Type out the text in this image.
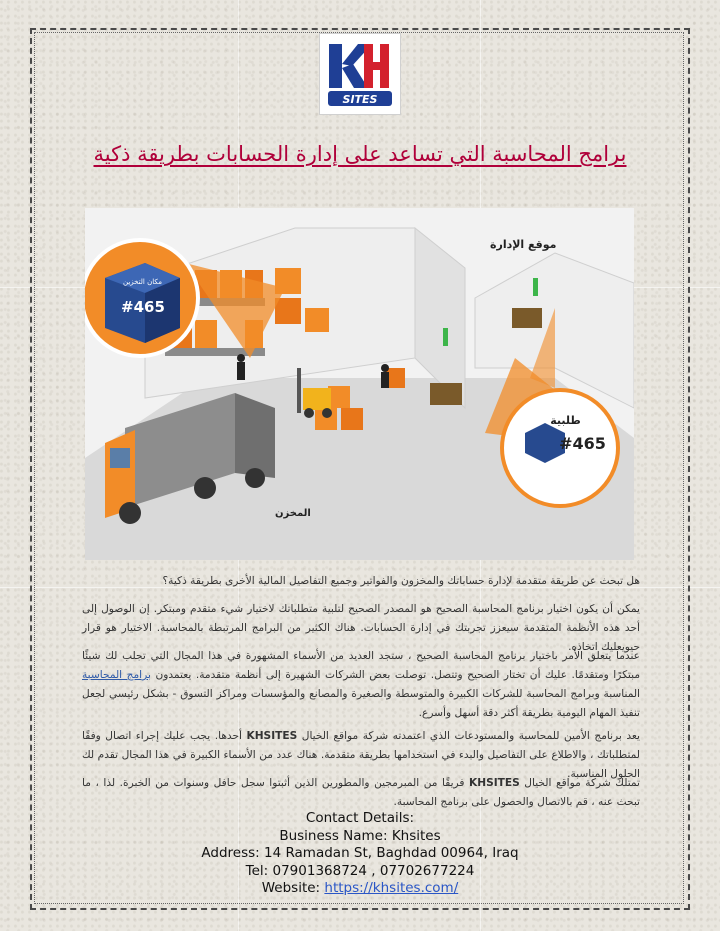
SITES
برامج المحاسبة التي تساعد على إدارة الحسابات بطريقة ذكية
موقع الإدارة
مكان التخزين
#465
طلبية
#465
المخزن
هل تبحث عن طريقة متقدمة لإدارة حساباتك والمخزون والفواتير وجميع التفاصيل المالية الأخرى بطريقة ذكية؟
يمكن أن يكون اختيار برنامج المحاسبة الصحيح هو المصدر الصحيح لتلبية متطلباتك لاختيار شيء متقدم ومبتكر. إن الوصول إلى أحد هذه الأنظمة المتقدمة سيعزز تجربتك في إدارة الحسابات. هناك الكثير من البرامج المرتبطة بالمحاسبة. الاختيار هو قرار حيويعليك اتخاذه.
عندما يتعلق الأمر باختيار برنامج المحاسبة الصحيح ، ستجد العديد من الأسماء المشهورة في هذا المجال التي تجلب لك شيئًا مبتكرًا ومتقدمًا. عليك أن تختار الصحيح وتتصل. توصلت بعض الشركات الشهيرة إلى أنظمة متقدمة. يعتمدون برامج المحاسبة المناسبة وبرامج المحاسبة للشركات الكبيرة والمتوسطة والصغيرة والمصانع والمؤسسات ومراكز التسوق - بشكل رئيسي لجعل تنفيذ المهام اليومية بطريقة أكثر دقة أسهل وأسرع.
يعد برنامج الأمين للمحاسبة والمستودعات الذي اعتمدته شركة مواقع الخيال KHSITES أحدها. يجب عليك إجراء اتصال وفقًا لمتطلباتك ، والاطلاع على التفاصيل والبدء في استخدامها بطريقة متقدمة. هناك عدد من الأسماء الكبيرة في هذا المجال تقدم لك الحلول المناسبة.
تمتلك شركة مواقع الخيال KHSITES فريقًا من المبرمجين والمطورين الذين أثبتوا سجل حافل وسنوات من الخبرة. لذا ، ما تبحث عنه ، قم بالاتصال والحصول على برنامج المحاسبة.
Contact Details:
Business Name: Khsites
Address: 14 Ramadan St, Baghdad 00964, Iraq
Tel: 07901368724 , 07702677224
Website: https://khsites.com/
